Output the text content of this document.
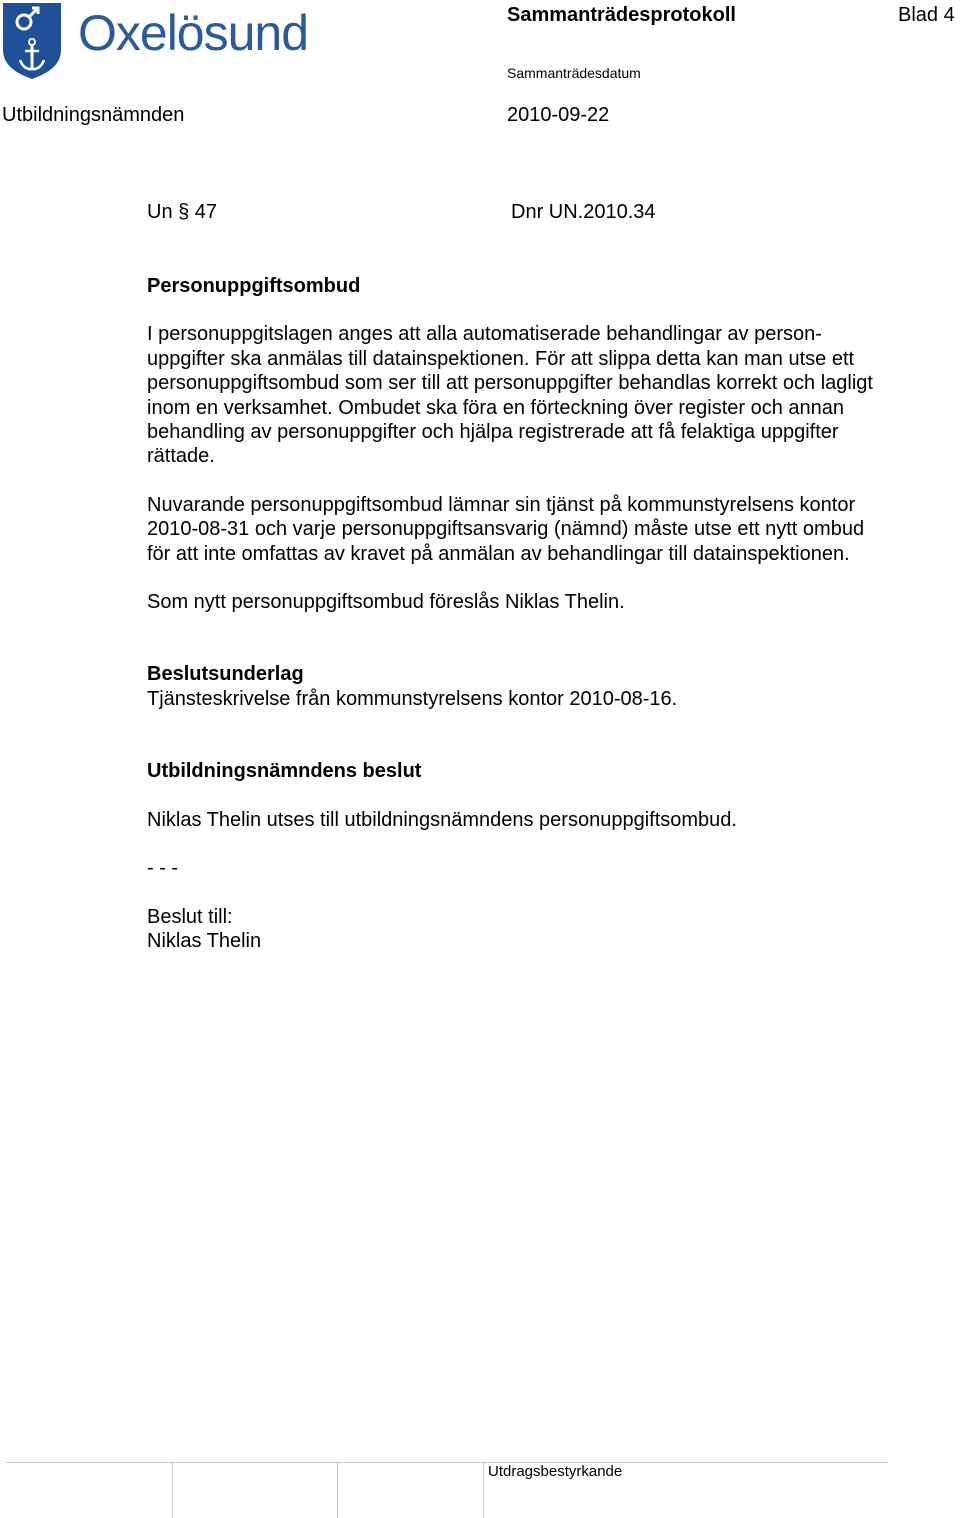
Oxelösund	Sammanträdesprotokoll	Blad 4
Sammanträdesdatum
Utbildningsnämnden	2010-09-22
Un § 47	Dnr UN.2010.34

Personuppgiftsombud

I personuppgitslagen anges att alla automatiserade behandlingar av person-
uppgifter ska anmälas till datainspektionen. För att slippa detta kan man utse ett
personuppgiftsombud som ser till att personuppgifter behandlas korrekt och lagligt
inom en verksamhet. Ombudet ska föra en förteckning över register och annan
behandling av personuppgifter och hjälpa registrerade att få felaktiga uppgifter
rättade.
Nuvarande personuppgiftsombud lämnar sin tjänst på kommunstyrelsens kontor
2010-08-31 och varje personuppgiftsansvarig (nämnd) måste utse ett nytt ombud
för att inte omfattas av kravet på anmälan av behandlingar till datainspektionen.

Som nytt personuppgiftsombud föreslås Niklas Thelin.

Beslutsunderlag

Tjänsteskrivelse från kommunstyrelsens kontor 2010-08-16.

Utbildningsnämndens beslut

Niklas Thelin utses till utbildningsnämndens personuppgiftsombud.

- - -

Beslut till:

Niklas Thelin

Utdragsbestyrkande
